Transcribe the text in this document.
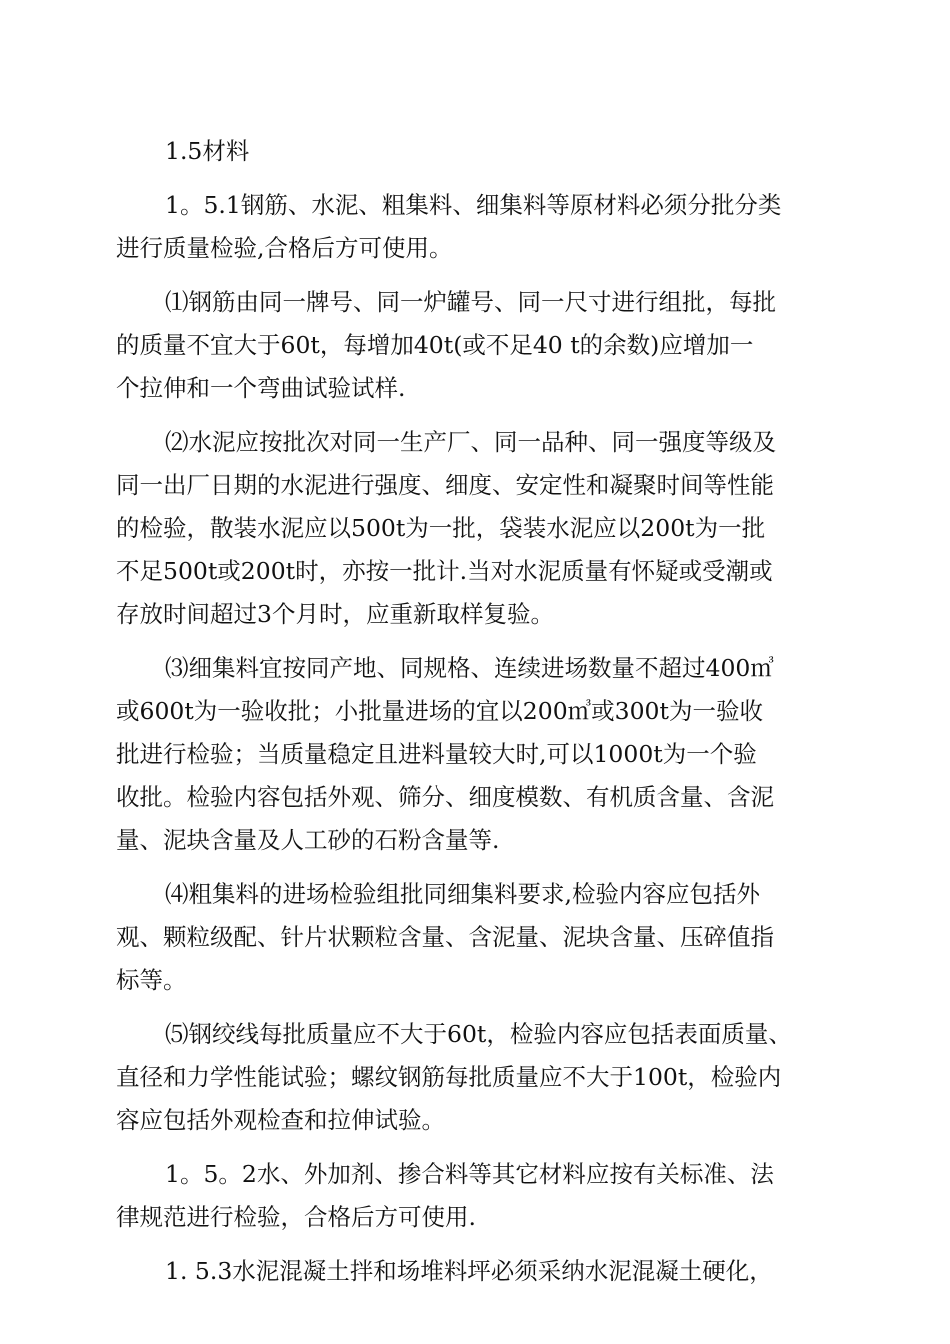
1.5材料
1。5.1钢筋、水泥、粗集料、细集料等原材料必须分批分类
进行质量检验,合格后方可使用。
⑴钢筋由同一牌号、同一炉罐号、同一尺寸进行组批，每批
的质量不宜大于60t，每增加40t(或不足40 t的余数)应增加一
个拉伸和一个弯曲试验试样.
⑵水泥应按批次对同一生产厂、同一品种、同一强度等级及
同一出厂日期的水泥进行强度、细度、安定性和凝聚时间等性能
的检验，散装水泥应以500t为一批，袋装水泥应以200t为一批
不足500t或200t时，亦按一批计.当对水泥质量有怀疑或受潮或
存放时间超过3个月时，应重新取样复验。
⑶细集料宜按同产地、同规格、连续进场数量不超过400㎥
或600t为一验收批；小批量进场的宜以200㎥或300t为一验收
批进行检验；当质量稳定且进料量较大时,可以1000t为一个验
收批。检验内容包括外观、筛分、细度模数、有机质含量、含泥
量、泥块含量及人工砂的石粉含量等.
⑷粗集料的进场检验组批同细集料要求,检验内容应包括外
观、颗粒级配、针片状颗粒含量、含泥量、泥块含量、压碎值指
标等。
⑸钢绞线每批质量应不大于60t，检验内容应包括表面质量、
直径和力学性能试验；螺纹钢筋每批质量应不大于100t，检验内
容应包括外观检查和拉伸试验。
1。5。2水、外加剂、掺合料等其它材料应按有关标准、法
律规范进行检验，合格后方可使用.
1. 5.3水泥混凝土拌和场堆料坪必须采纳水泥混凝土硬化，
